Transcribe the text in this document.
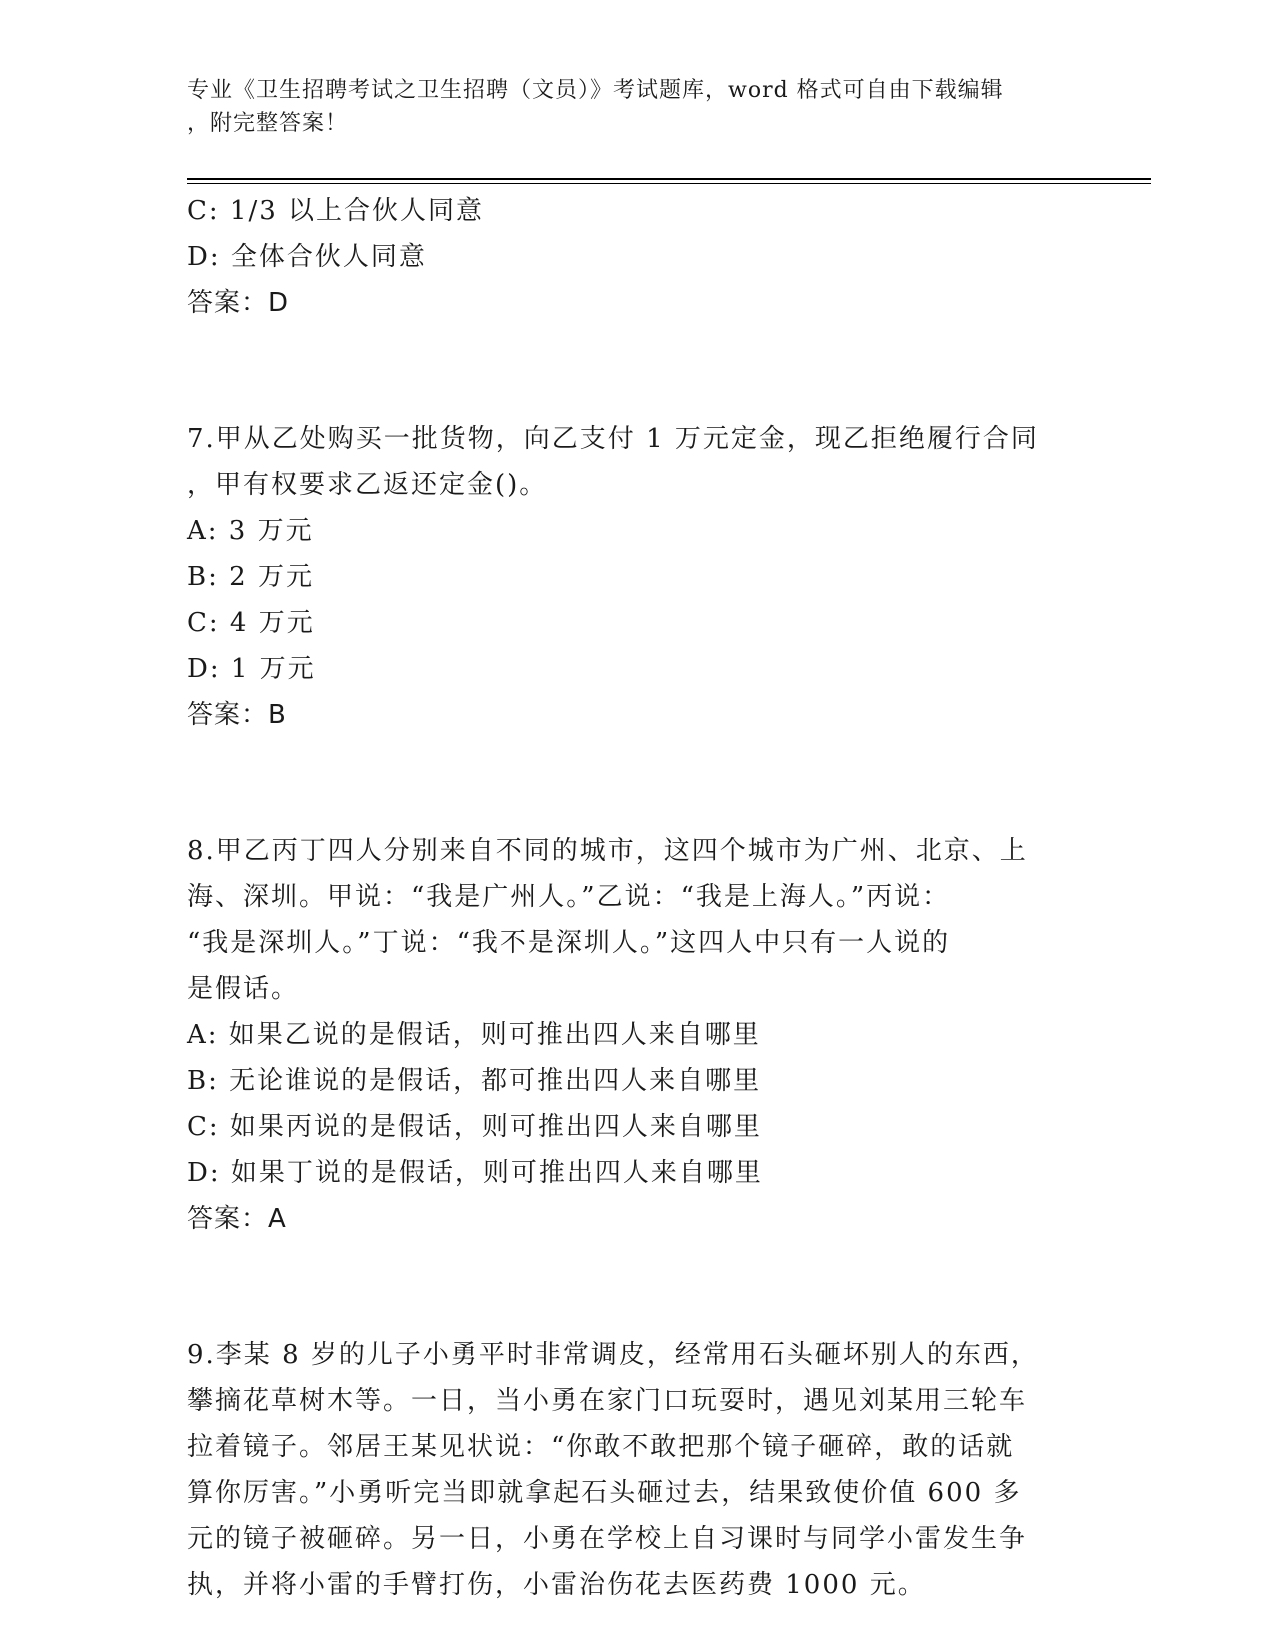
专业《卫生招聘考试之卫生招聘（文员）》考试题库，word 格式可自由下载编辑
，附完整答案！
C: 1/3 以上合伙人同意
D: 全体合伙人同意
答案：D
7.甲从乙处购买一批货物，向乙支付 1 万元定金，现乙拒绝履行合同
，甲有权要求乙返还定金()。
A: 3 万元
B: 2 万元
C: 4 万元
D: 1 万元
答案：B
8.甲乙丙丁四人分别来自不同的城市，这四个城市为广州、北京、上
海、深圳。甲说：“我是广州人。”乙说：“我是上海人。”丙说：
“我是深圳人。”丁说：“我不是深圳人。”这四人中只有一人说的
是假话。
A: 如果乙说的是假话，则可推出四人来自哪里
B: 无论谁说的是假话，都可推出四人来自哪里
C: 如果丙说的是假话，则可推出四人来自哪里
D: 如果丁说的是假话，则可推出四人来自哪里
答案：A
9.李某 8 岁的儿子小勇平时非常调皮，经常用石头砸坏别人的东西，
攀摘花草树木等。一日，当小勇在家门口玩耍时，遇见刘某用三轮车
拉着镜子。邻居王某见状说：“你敢不敢把那个镜子砸碎，敢的话就
算你厉害。”小勇听完当即就拿起石头砸过去，结果致使价值 600 多
元的镜子被砸碎。另一日，小勇在学校上自习课时与同学小雷发生争
执，并将小雷的手臂打伤，小雷治伤花去医药费 1000 元。
